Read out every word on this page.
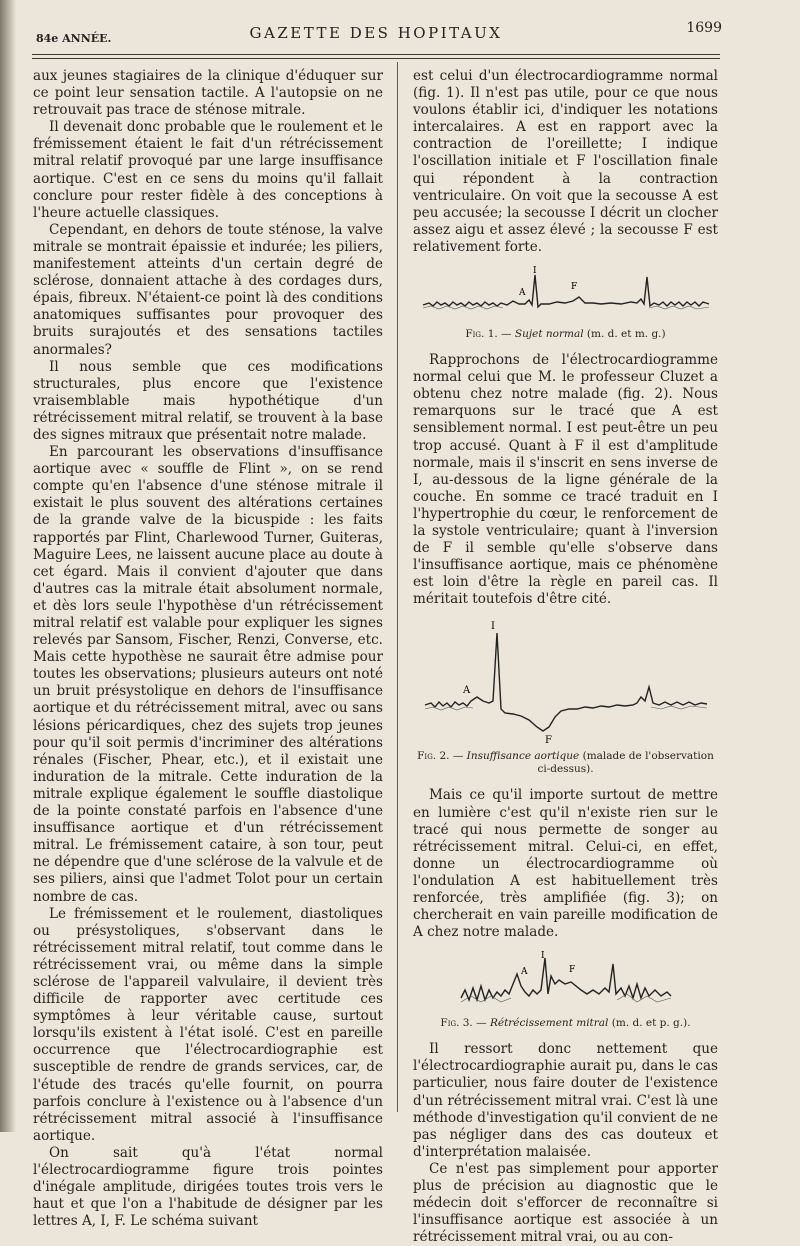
84e ANNÉE.	GAZETTE DES HOPITAUX	1699

aux jeunes stagiaires de la clinique d'éduquer sur ce point leur sensation tactile. A l'autopsie on ne retrouvait pas trace de sténose mitrale.

Il devenait donc probable que le roulement et le frémissement étaient le fait d'un rétrécissement mitral relatif provoqué par une large insuffisance aortique. C'est en ce sens du moins qu'il fallait conclure pour rester fidèle à des conceptions à l'heure actuelle classiques.

Cependant, en dehors de toute sténose, la valve mitrale se montrait épaissie et indurée; les piliers, manifestement atteints d'un certain degré de sclérose, donnaient attache à des cordages durs, épais, fibreux. N'étaient-ce point là des conditions anatomiques suffisantes pour provoquer des bruits surajoutés et des sensations tactiles anormales?

Il nous semble que ces modifications structurales, plus encore que l'existence vraisemblable mais hypothétique d'un rétrécissement mitral relatif, se trouvent à la base des signes mitraux que présentait notre malade.

En parcourant les observations d'insuffisance aortique avec « souffle de Flint », on se rend compte qu'en l'absence d'une sténose mitrale il existait le plus souvent des altérations certaines de la grande valve de la bicuspide : les faits rapportés par Flint, Charlewood Turner, Guiteras, Maguire Lees, ne laissent aucune place au doute à cet égard. Mais il convient d'ajouter que dans d'autres cas la mitrale était absolument normale, et dès lors seule l'hypothèse d'un rétrécissement mitral relatif est valable pour expliquer les signes relevés par Sansom, Fischer, Renzi, Converse, etc. Mais cette hypothèse ne saurait être admise pour toutes les observations; plusieurs auteurs ont noté un bruit présystolique en dehors de l'insuffisance aortique et du rétrécissement mitral, avec ou sans lésions péricardiques, chez des sujets trop jeunes pour qu'il soit permis d'incriminer des altérations rénales (Fischer, Phear, etc.), et il existait une induration de la mitrale. Cette induration de la mitrale explique également le souffle diastolique de la pointe constaté parfois en l'absence d'une insuffisance aortique et d'un rétrécissement mitral. Le frémissement cataire, à son tour, peut ne dépendre que d'une sclérose de la valvule et de ses piliers, ainsi que l'admet Tolot pour un certain nombre de cas.

Le frémissement et le roulement, diastoliques ou présystoliques, s'observant dans le rétrécissement mitral relatif, tout comme dans le rétrécissement vrai, ou même dans la simple sclérose de l'appareil valvulaire, il devient très difficile de rapporter avec certitude ces symptômes à leur véritable cause, surtout lorsqu'ils existent à l'état isolé. C'est en pareille occurrence que l'électrocardiographie est susceptible de rendre de grands services, car, de l'étude des tracés qu'elle fournit, on pourra parfois conclure à l'existence ou à l'absence d'un rétrécissement mitral associé à l'insuffisance aortique.

On sait qu'à l'état normal l'électrocardiogramme figure trois pointes d'inégale amplitude, dirigées toutes trois vers le haut et que l'on a l'habitude de désigner par les lettres A, I, F. Le schéma suivant

est celui d'un électrocardiogramme normal (fig. 1). Il n'est pas utile, pour ce que nous voulons établir ici, d'indiquer les notations intercalaires. A est en rapport avec la contraction de l'oreillette; I indique l'oscillation initiale et F l'oscillation finale qui répondent à la contraction ventriculaire. On voit que la secousse A est peu accusée; la secousse I décrit un clocher assez aigu et assez élevé ; la secousse F est relativement forte.

I
A
F
Fig. 1. — Sujet normal (m. d. et m. g.)

Rapprochons de l'électrocardiogramme normal celui que M. le professeur Cluzet a obtenu chez notre malade (fig. 2). Nous remarquons sur le tracé que A est sensiblement normal. I est peut-être un peu trop accusé. Quant à F il est d'amplitude normale, mais il s'inscrit en sens inverse de I, au-dessous de la ligne générale de la couche. En somme ce tracé traduit en I l'hypertrophie du cœur, le renforcement de la systole ventriculaire; quant à l'inversion de F il semble qu'elle s'observe dans l'insuffisance aortique, mais ce phénomène est loin d'être la règle en pareil cas. Il méritait toutefois d'être cité.

I
A
F
Fig. 2. — Insuffisance aortique (malade de l'observation ci-dessus).

Mais ce qu'il importe surtout de mettre en lumière c'est qu'il n'existe rien sur le tracé qui nous permette de songer au rétrécissement mitral. Celui-ci, en effet, donne un électrocardiogramme où l'ondulation A est habituellement très renforcée, très amplifiée (fig. 3); on chercherait en vain pareille modification de A chez notre malade.

I
A	F
Fig. 3. — Rétrécissement mitral (m. d. et p. g.).

Il ressort donc nettement que l'électrocardiographie aurait pu, dans le cas particulier, nous faire douter de l'existence d'un rétrécissement mitral vrai. C'est là une méthode d'investigation qu'il convient de ne pas négliger dans des cas douteux et d'interprétation malaisée.

Ce n'est pas simplement pour apporter plus de précision au diagnostic que le médecin doit s'efforcer de reconnaître si l'insuffisance aortique est associée à un rétrécissement mitral vrai, ou au con-
